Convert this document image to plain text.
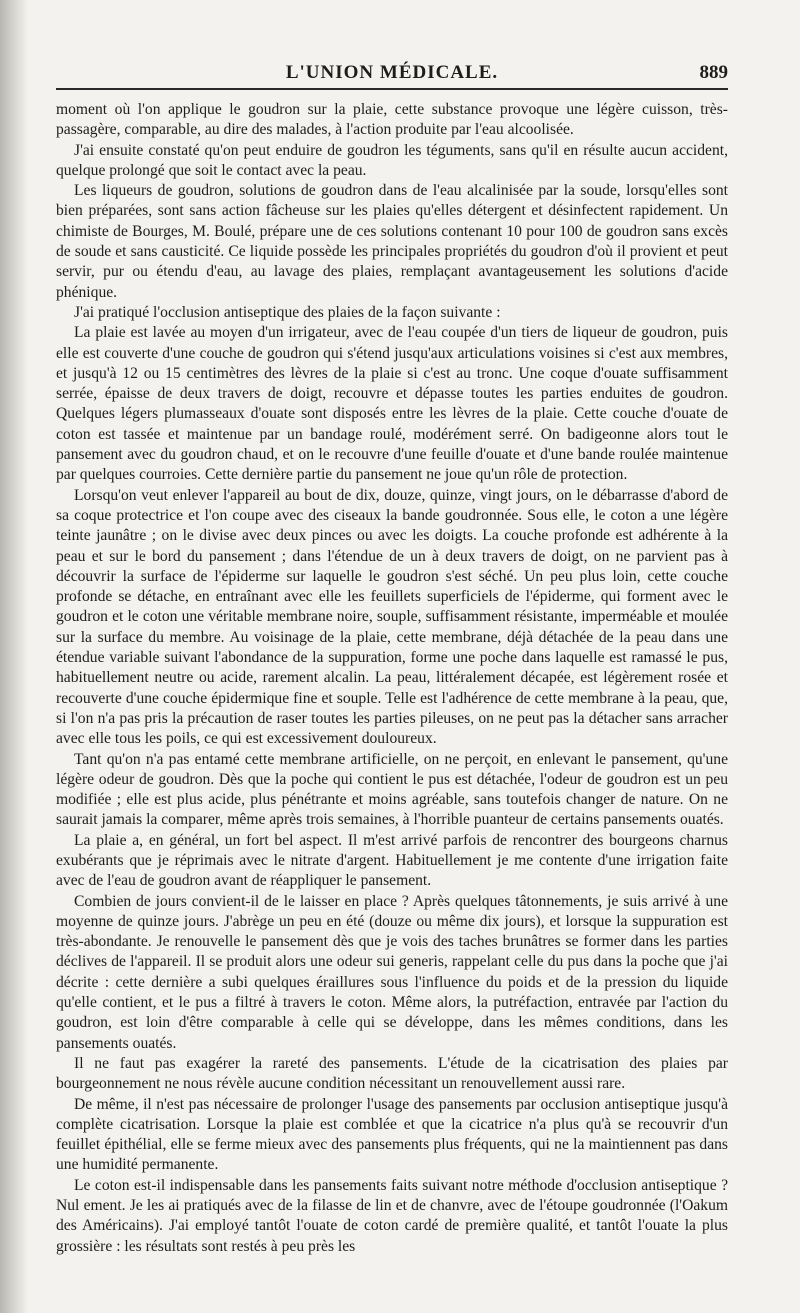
L'UNION MÉDICALE.	889

moment où l'on applique le goudron sur la plaie, cette substance provoque une légère cuisson, très-passagère, comparable, au dire des malades, à l'action produite par l'eau alcoolisée.

J'ai ensuite constaté qu'on peut enduire de goudron les téguments, sans qu'il en résulte aucun accident, quelque prolongé que soit le contact avec la peau.

Les liqueurs de goudron, solutions de goudron dans de l'eau alcalinisée par la soude, lorsqu'elles sont bien préparées, sont sans action fâcheuse sur les plaies qu'elles détergent et désinfectent rapidement. Un chimiste de Bourges, M. Boulé, prépare une de ces solutions contenant 10 pour 100 de goudron sans excès de soude et sans causticité. Ce liquide possède les principales propriétés du goudron d'où il provient et peut servir, pur ou étendu d'eau, au lavage des plaies, remplaçant avantageusement les solutions d'acide phénique.

J'ai pratiqué l'occlusion antiseptique des plaies de la façon suivante :

La plaie est lavée au moyen d'un irrigateur, avec de l'eau coupée d'un tiers de liqueur de goudron, puis elle est couverte d'une couche de goudron qui s'étend jusqu'aux articulations voisines si c'est aux membres, et jusqu'à 12 ou 15 centimètres des lèvres de la plaie si c'est au tronc. Une coque d'ouate suffisamment serrée, épaisse de deux travers de doigt, recouvre et dépasse toutes les parties enduites de goudron. Quelques légers plumasseaux d'ouate sont disposés entre les lèvres de la plaie. Cette couche d'ouate de coton est tassée et maintenue par un bandage roulé, modérément serré. On badigeonne alors tout le pansement avec du goudron chaud, et on le recouvre d'une feuille d'ouate et d'une bande roulée maintenue par quelques courroies. Cette dernière partie du pansement ne joue qu'un rôle de protection.

Lorsqu'on veut enlever l'appareil au bout de dix, douze, quinze, vingt jours, on le débarrasse d'abord de sa coque protectrice et l'on coupe avec des ciseaux la bande goudronnée. Sous elle, le coton a une légère teinte jaunâtre ; on le divise avec deux pinces ou avec les doigts. La couche profonde est adhérente à la peau et sur le bord du pansement ; dans l'étendue de un à deux travers de doigt, on ne parvient pas à découvrir la surface de l'épiderme sur laquelle le goudron s'est séché. Un peu plus loin, cette couche profonde se détache, en entraînant avec elle les feuillets superficiels de l'épiderme, qui forment avec le goudron et le coton une véritable membrane noire, souple, suffisamment résistante, imperméable et moulée sur la surface du membre. Au voisinage de la plaie, cette membrane, déjà détachée de la peau dans une étendue variable suivant l'abondance de la suppuration, forme une poche dans laquelle est ramassé le pus, habituellement neutre ou acide, rarement alcalin. La peau, littéralement décapée, est légèrement rosée et recouverte d'une couche épidermique fine et souple. Telle est l'adhérence de cette membrane à la peau, que, si l'on n'a pas pris la précaution de raser toutes les parties pileuses, on ne peut pas la détacher sans arracher avec elle tous les poils, ce qui est excessivement douloureux.

Tant qu'on n'a pas entamé cette membrane artificielle, on ne perçoit, en enlevant le pansement, qu'une légère odeur de goudron. Dès que la poche qui contient le pus est détachée, l'odeur de goudron est un peu modifiée ; elle est plus acide, plus pénétrante et moins agréable, sans toutefois changer de nature. On ne saurait jamais la comparer, même après trois semaines, à l'horrible puanteur de certains pansements ouatés.

La plaie a, en général, un fort bel aspect. Il m'est arrivé parfois de rencontrer des bourgeons charnus exubérants que je réprimais avec le nitrate d'argent. Habituellement je me contente d'une irrigation faite avec de l'eau de goudron avant de réappliquer le pansement.

Combien de jours convient-il de le laisser en place ? Après quelques tâtonnements, je suis arrivé à une moyenne de quinze jours. J'abrège un peu en été (douze ou même dix jours), et lorsque la suppuration est très-abondante. Je renouvelle le pansement dès que je vois des taches brunâtres se former dans les parties déclives de l'appareil. Il se produit alors une odeur sui generis, rappelant celle du pus dans la poche que j'ai décrite : cette dernière a subi quelques éraillures sous l'influence du poids et de la pression du liquide qu'elle contient, et le pus a filtré à travers le coton. Même alors, la putréfaction, entravée par l'action du goudron, est loin d'être comparable à celle qui se développe, dans les mêmes conditions, dans les pansements ouatés.

Il ne faut pas exagérer la rareté des pansements. L'étude de la cicatrisation des plaies par bourgeonnement ne nous révèle aucune condition nécessitant un renouvellement aussi rare.

De même, il n'est pas nécessaire de prolonger l'usage des pansements par occlusion antiseptique jusqu'à complète cicatrisation. Lorsque la plaie est comblée et que la cicatrice n'a plus qu'à se recouvrir d'un feuillet épithélial, elle se ferme mieux avec des pansements plus fréquents, qui ne la maintiennent pas dans une humidité permanente.

Le coton est-il indispensable dans les pansements faits suivant notre méthode d'occlusion antiseptique ? Nul ement. Je les ai pratiqués avec de la filasse de lin et de chanvre, avec de l'étoupe goudronnée (l'Oakum des Américains). J'ai employé tantôt l'ouate de coton cardé de première qualité, et tantôt l'ouate la plus grossière : les résultats sont restés à peu près les
